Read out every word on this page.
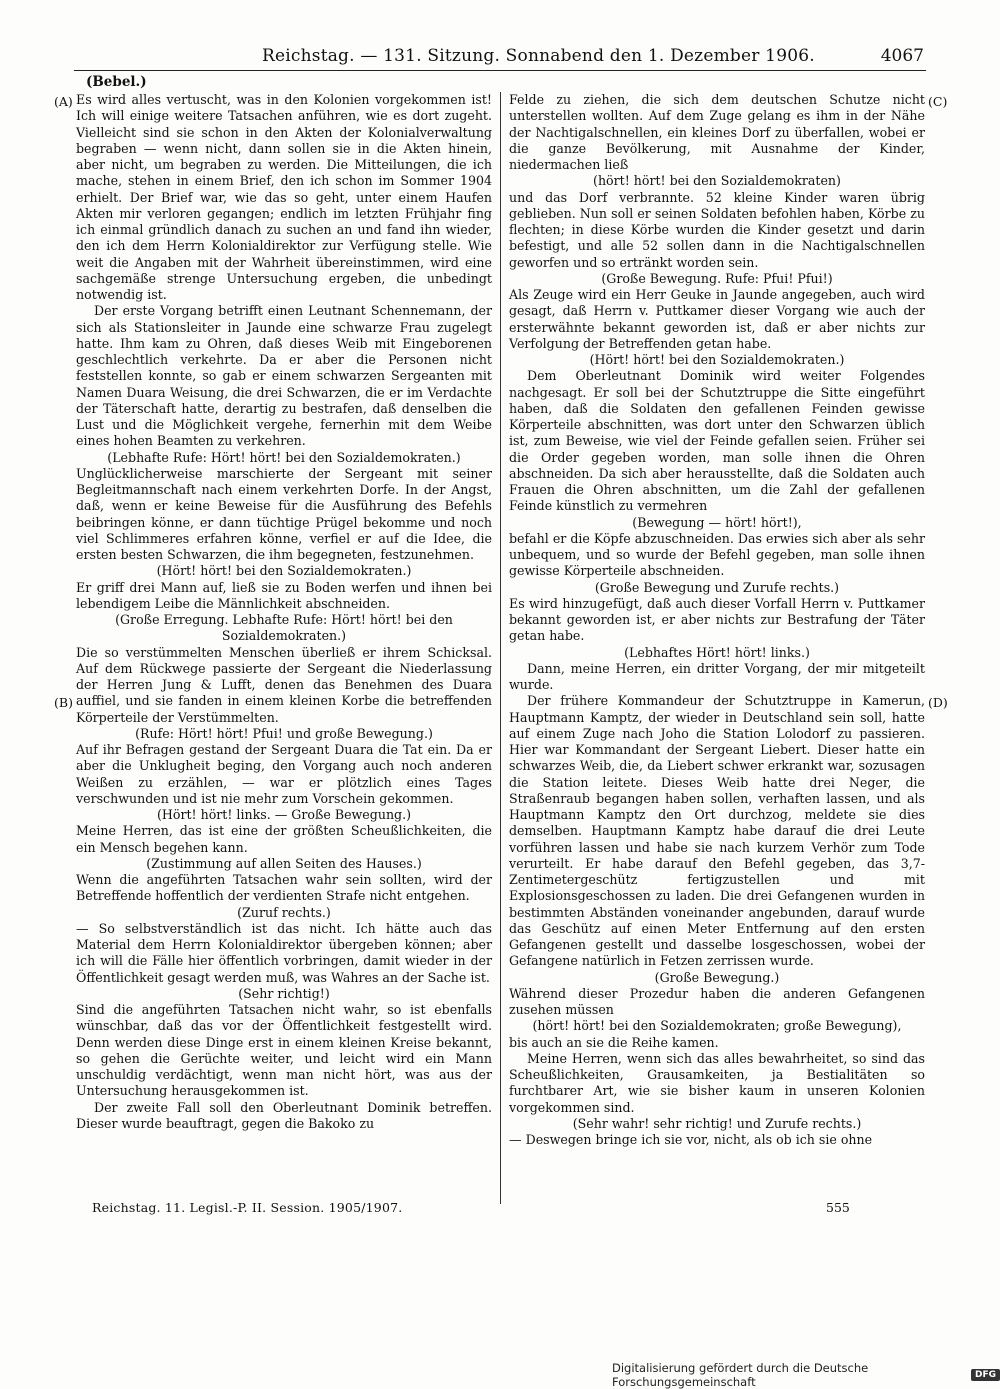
Reichstag. — 131. Sitzung. Sonnabend den 1. Dezember 1906.	4067
(Bebel.)
(A)
(B)
(C)
(D)

Es wird alles vertuscht, was in den Kolonien vorgekommen ist! Ich will einige weitere Tatsachen anführen, wie es dort zugeht. Vielleicht sind sie schon in den Akten der Kolonialverwaltung begraben — wenn nicht, dann sollen sie in die Akten hinein, aber nicht, um begraben zu werden. Die Mitteilungen, die ich mache, stehen in einem Brief, den ich schon im Sommer 1904 erhielt. Der Brief war, wie das so geht, unter einem Haufen Akten mir verloren gegangen; endlich im letzten Frühjahr fing ich einmal gründlich danach zu suchen an und fand ihn wieder, den ich dem Herrn Kolonialdirektor zur Verfügung stelle. Wie weit die Angaben mit der Wahrheit übereinstimmen, wird eine sachgemäße strenge Untersuchung ergeben, die unbedingt notwendig ist.

Der erste Vorgang betrifft einen Leutnant Schennemann, der sich als Stationsleiter in Jaunde eine schwarze Frau zugelegt hatte. Ihm kam zu Ohren, daß dieses Weib mit Eingeborenen geschlechtlich verkehrte. Da er aber die Personen nicht feststellen konnte, so gab er einem schwarzen Sergeanten mit Namen Duara Weisung, die drei Schwarzen, die er im Verdachte der Täterschaft hatte, derartig zu bestrafen, daß denselben die Lust und die Möglichkeit vergehe, fernerhin mit dem Weibe eines hohen Beamten zu verkehren.

(Lebhafte Rufe: Hört! hört! bei den Sozialdemokraten.)

Unglücklicherweise marschierte der Sergeant mit seiner Begleitmannschaft nach einem verkehrten Dorfe. In der Angst, daß, wenn er keine Beweise für die Ausführung des Befehls beibringen könne, er dann tüchtige Prügel bekomme und noch viel Schlimmeres erfahren könne, verfiel er auf die Idee, die ersten besten Schwarzen, die ihm begegneten, festzunehmen.

(Hört! hört! bei den Sozialdemokraten.)

Er griff drei Mann auf, ließ sie zu Boden werfen und ihnen bei lebendigem Leibe die Männlichkeit abschneiden.

(Große Erregung. Lebhafte Rufe: Hört! hört! bei den Sozialdemokraten.)

Die so verstümmelten Menschen überließ er ihrem Schicksal. Auf dem Rückwege passierte der Sergeant die Niederlassung der Herren Jung & Lufft, denen das Benehmen des Duara auffiel, und sie fanden in einem kleinen Korbe die betreffenden Körperteile der Verstümmelten.

(Rufe: Hört! hört! Pfui! und große Bewegung.)

Auf ihr Befragen gestand der Sergeant Duara die Tat ein. Da er aber die Unklugheit beging, den Vorgang auch noch anderen Weißen zu erzählen, — war er plötzlich eines Tages verschwunden und ist nie mehr zum Vorschein gekommen.

(Hört! hört! links. — Große Bewegung.)

Meine Herren, das ist eine der größten Scheußlichkeiten, die ein Mensch begehen kann.

(Zustimmung auf allen Seiten des Hauses.)

Wenn die angeführten Tatsachen wahr sein sollten, wird der Betreffende hoffentlich der verdienten Strafe nicht entgehen.

(Zuruf rechts.)

— So selbstverständlich ist das nicht. Ich hätte auch das Material dem Herrn Kolonialdirektor übergeben können; aber ich will die Fälle hier öffentlich vorbringen, damit wieder in der Öffentlichkeit gesagt werden muß, was Wahres an der Sache ist.

(Sehr richtig!)

Sind die angeführten Tatsachen nicht wahr, so ist ebenfalls wünschbar, daß das vor der Öffentlichkeit festgestellt wird. Denn werden diese Dinge erst in einem kleinen Kreise bekannt, so gehen die Gerüchte weiter, und leicht wird ein Mann unschuldig verdächtigt, wenn man nicht hört, was aus der Untersuchung herausgekommen ist.

Der zweite Fall soll den Oberleutnant Dominik betreffen. Dieser wurde beauftragt, gegen die Bakoko zu

Felde zu ziehen, die sich dem deutschen Schutze nicht unterstellen wollten. Auf dem Zuge gelang es ihm in der Nähe der Nachtigalschnellen, ein kleines Dorf zu überfallen, wobei er die ganze Bevölkerung, mit Ausnahme der Kinder, niedermachen ließ

(hört! hört! bei den Sozialdemokraten)

und das Dorf verbrannte. 52 kleine Kinder waren übrig geblieben. Nun soll er seinen Soldaten befohlen haben, Körbe zu flechten; in diese Körbe wurden die Kinder gesetzt und darin befestigt, und alle 52 sollen dann in die Nachtigalschnellen geworfen und so ertränkt worden sein.

(Große Bewegung. Rufe: Pfui! Pfui!)

Als Zeuge wird ein Herr Geuke in Jaunde angegeben, auch wird gesagt, daß Herrn v. Puttkamer dieser Vorgang wie auch der ersterwähnte bekannt geworden ist, daß er aber nichts zur Verfolgung der Betreffenden getan habe.

(Hört! hört! bei den Sozialdemokraten.)

Dem Oberleutnant Dominik wird weiter Folgendes nachgesagt. Er soll bei der Schutztruppe die Sitte eingeführt haben, daß die Soldaten den gefallenen Feinden gewisse Körperteile abschnitten, was dort unter den Schwarzen üblich ist, zum Beweise, wie viel der Feinde gefallen seien. Früher sei die Order gegeben worden, man solle ihnen die Ohren abschneiden. Da sich aber herausstellte, daß die Soldaten auch Frauen die Ohren abschnitten, um die Zahl der gefallenen Feinde künstlich zu vermehren

(Bewegung — hört! hört!),

befahl er die Köpfe abzuschneiden. Das erwies sich aber als sehr unbequem, und so wurde der Befehl gegeben, man solle ihnen gewisse Körperteile abschneiden.

(Große Bewegung und Zurufe rechts.)

Es wird hinzugefügt, daß auch dieser Vorfall Herrn v. Puttkamer bekannt geworden ist, er aber nichts zur Bestrafung der Täter getan habe.

(Lebhaftes Hört! hört! links.)

Dann, meine Herren, ein dritter Vorgang, der mir mitgeteilt wurde.

Der frühere Kommandeur der Schutztruppe in Kamerun, Hauptmann Kamptz, der wieder in Deutschland sein soll, hatte auf einem Zuge nach Joho die Station Lolodorf zu passieren. Hier war Kommandant der Sergeant Liebert. Dieser hatte ein schwarzes Weib, die, da Liebert schwer erkrankt war, sozusagen die Station leitete. Dieses Weib hatte drei Neger, die Straßenraub begangen haben sollen, verhaften lassen, und als Hauptmann Kamptz den Ort durchzog, meldete sie dies demselben. Hauptmann Kamptz habe darauf die drei Leute vorführen lassen und habe sie nach kurzem Verhör zum Tode verurteilt. Er habe darauf den Befehl gegeben, das 3,7-Zentimetergeschütz fertigzustellen und mit Explosionsgeschossen zu laden. Die drei Gefangenen wurden in bestimmten Abständen voneinander angebunden, darauf wurde das Geschütz auf einen Meter Entfernung auf den ersten Gefangenen gestellt und dasselbe losgeschossen, wobei der Gefangene natürlich in Fetzen zerrissen wurde.

(Große Bewegung.)

Während dieser Prozedur haben die anderen Gefangenen zusehen müssen

(hört! hört! bei den Sozialdemokraten; große Bewegung),

bis auch an sie die Reihe kamen.

Meine Herren, wenn sich das alles bewahrheitet, so sind das Scheußlichkeiten, Grausamkeiten, ja Bestialitäten so furchtbarer Art, wie sie bisher kaum in unseren Kolonien vorgekommen sind.

(Sehr wahr! sehr richtig! und Zurufe rechts.)

— Deswegen bringe ich sie vor, nicht, als ob ich sie ohne

Reichstag. 11. Legisl.-P. II. Session. 1905/1907.	555
Digitalisierung gefördert durch die Deutsche Forschungsgemeinschaft	DFG
